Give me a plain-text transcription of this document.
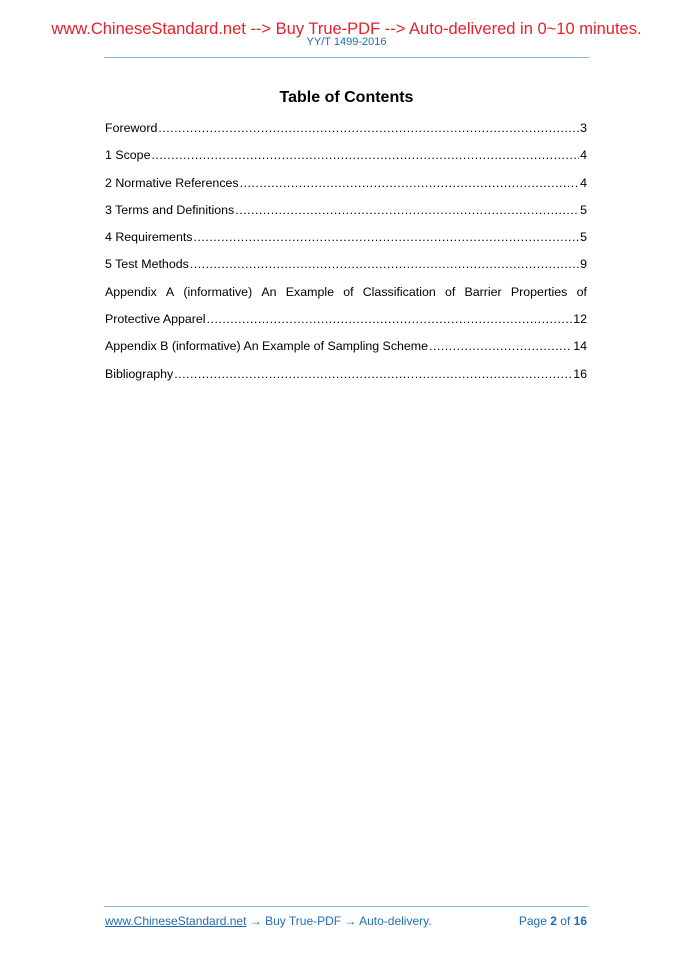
www.ChineseStandard.net --> Buy True-PDF --> Auto-delivered in 0~10 minutes.
YY/T 1499-2016
Table of Contents
Foreword .....	3
1 Scope .....	4
2 Normative References .....	4
3 Terms and Definitions .....	5
4 Requirements .....	5
5 Test Methods .....	9
Appendix A (informative) An Example of Classification of Barrier Properties of
Protective Apparel .....	12
Appendix B (informative) An Example of Sampling Scheme .....	14
Bibliography .....	16
www.ChineseStandard.net → Buy True-PDF → Auto-delivery.	Page 2 of 16
